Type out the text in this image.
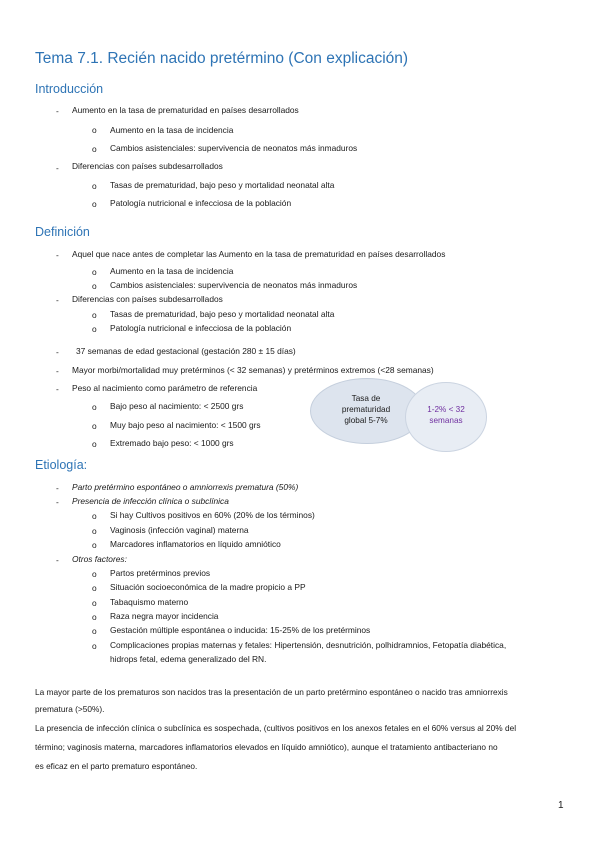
Tema 7.1. Recién nacido pretérmino (Con explicación)
Introducción
- Aumento en la tasa de prematuridad en países desarrollados
o Aumento en la tasa de incidencia
o Cambios asistenciales: supervivencia de neonatos más inmaduros
- Diferencias con países subdesarrollados
o Tasas de prematuridad, bajo peso y mortalidad neonatal alta
o Patología nutricional e infecciosa de la población
Definición
- Aquel que nace antes de completar las Aumento en la tasa de prematuridad en países desarrollados
o Aumento en la tasa de incidencia
o Cambios asistenciales: supervivencia de neonatos más inmaduros
- Diferencias con países subdesarrollados
o Tasas de prematuridad, bajo peso y mortalidad neonatal alta
o Patología nutricional e infecciosa de la población
- 37 semanas de edad gestacional (gestación 280 ± 15 días)
- Mayor morbi/mortalidad muy pretérminos (< 32 semanas) y pretérminos extremos (<28 semanas)
- Peso al nacimiento como parámetro de referencia
o Bajo peso al nacimiento: < 2500 grs
o Muy bajo peso al nacimiento: < 1500 grs
o Extremado bajo peso: < 1000 grs
Tasa de
prematuridad
global 5-7%
1-2% < 32
semanas
Etiología:
- Parto pretérmino espontáneo o amniorrexis prematura (50%)
- Presencia de infección clínica o subclínica
o Si hay Cultivos positivos en 60% (20% de los términos)
o Vaginosis (infección vaginal) materna
o Marcadores inflamatorios en líquido amniótico
- Otros factores:
o Partos pretérminos previos
o Situación socioeconómica de la madre propicio a PP
o Tabaquismo materno
o Raza negra mayor incidencia
o Gestación múltiple espontánea o inducida: 15-25% de los pretérminos
o Complicaciones propias maternas y fetales: Hipertensión, desnutrición, polhidramnios, Fetopatía diabética,
hidrops fetal, edema generalizado del RN.
La mayor parte de los prematuros son nacidos tras la presentación de un parto pretérmino espontáneo o nacido tras amniorrexis
prematura (>50%).
La presencia de infección clínica o subclínica es sospechada, (cultivos positivos en los anexos fetales en el 60% versus al 20% del
término; vaginosis materna, marcadores inflamatorios elevados en líquido amniótico), aunque el tratamiento antibacteriano no
es eficaz en el parto prematuro espontáneo.
1
